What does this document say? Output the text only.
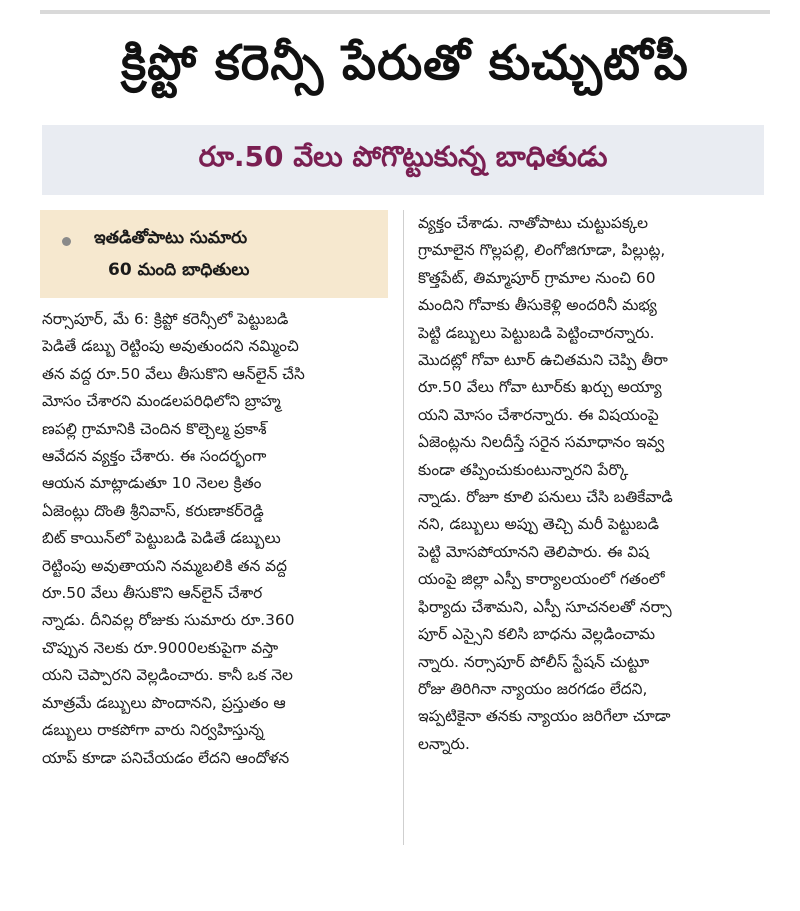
క్రిప్టో కరెన్సీ పేరుతో కుచ్చుటోపీ
రూ.50 వేలు పోగొట్టుకున్న బాధితుడు
ఇతడితోపాటు సుమారు
60 మంది బాధితులు
నర్సాపూర్, మే 6: క్రిప్టో కరెన్సీలో పెట్టుబడి
పెడితే డబ్బు రెట్టింపు అవుతుందని నమ్మించి
తన వద్ద రూ.50 వేలు తీసుకొని ఆన్‌లైన్ చేసి
మోసం చేశారని మండలపరిధిలోని బ్రాహ్మ
ణపల్లి గ్రామానికి చెందిన కొల్చెల్మ ప్రకాశ్
ఆవేదన వ్యక్తం చేశారు. ఈ సందర్భంగా
ఆయన మాట్లాడుతూ 10 నెలల క్రితం
ఏజెంట్లు దొంతి శ్రీనివాస్, కరుణాకర్‌రెడ్డి
బిట్ కాయిన్‌లో పెట్టుబడి పెడితే డబ్బులు
రెట్టింపు అవుతాయని నమ్మబలికి తన వద్ద
రూ.50 వేలు తీసుకొని ఆన్‌లైన్ చేశార
న్నాడు. దీనివల్ల రోజుకు సుమారు రూ.360
చొప్పున నెలకు రూ.9000లకుపైగా వస్తా
యని చెప్పారని వెల్లడించారు. కానీ ఒక నెల
మాత్రమే డబ్బులు పొందానని, ప్రస్తుతం ఆ
డబ్బులు రాకపోగా వారు నిర్వహిస్తున్న
యాప్ కూడా పనిచేయడం లేదని ఆందోళన
వ్యక్తం చేశాడు. నాతోపాటు చుట్టుపక్కల
గ్రామాలైన గొల్లపల్లి, లింగోజిగూడా, పిల్లుట్ల,
కొత్తపేట్, తిమ్మాపూర్ గ్రామాల నుంచి 60
మందిని గోవాకు తీసుకెళ్లి అందరినీ మభ్య
పెట్టి డబ్బులు పెట్టుబడి పెట్టించారన్నారు.
మొదట్లో గోవా టూర్ ఉచితమని చెప్పి తీరా
రూ.50 వేలు గోవా టూర్‌కు ఖర్చు అయ్యా
యని మోసం చేశారన్నారు. ఈ విషయంపై
ఏజెంట్లను నిలదీస్తే సరైన సమాధానం ఇవ్వ
కుండా తప్పించుకుంటున్నారని పేర్కొ
న్నాడు. రోజూ కూలి పనులు చేసి బతికేవాడి
నని, డబ్బులు అప్పు తెచ్చి మరీ పెట్టుబడి
పెట్టి మోసపోయానని తెలిపారు. ఈ విష
యంపై జిల్లా ఎస్పీ కార్యాలయంలో గతంలో
ఫిర్యాదు చేశామని, ఎస్పీ సూచనలతో నర్సా
పూర్ ఎస్సైని కలిసి బాధను వెల్లడించామ
న్నారు. నర్సాపూర్ పోలీస్ స్టేషన్ చుట్టూ
రోజు తిరిగినా న్యాయం జరగడం లేదని,
ఇప్పటికైనా తనకు న్యాయం జరిగేలా చూడా
లన్నారు.
